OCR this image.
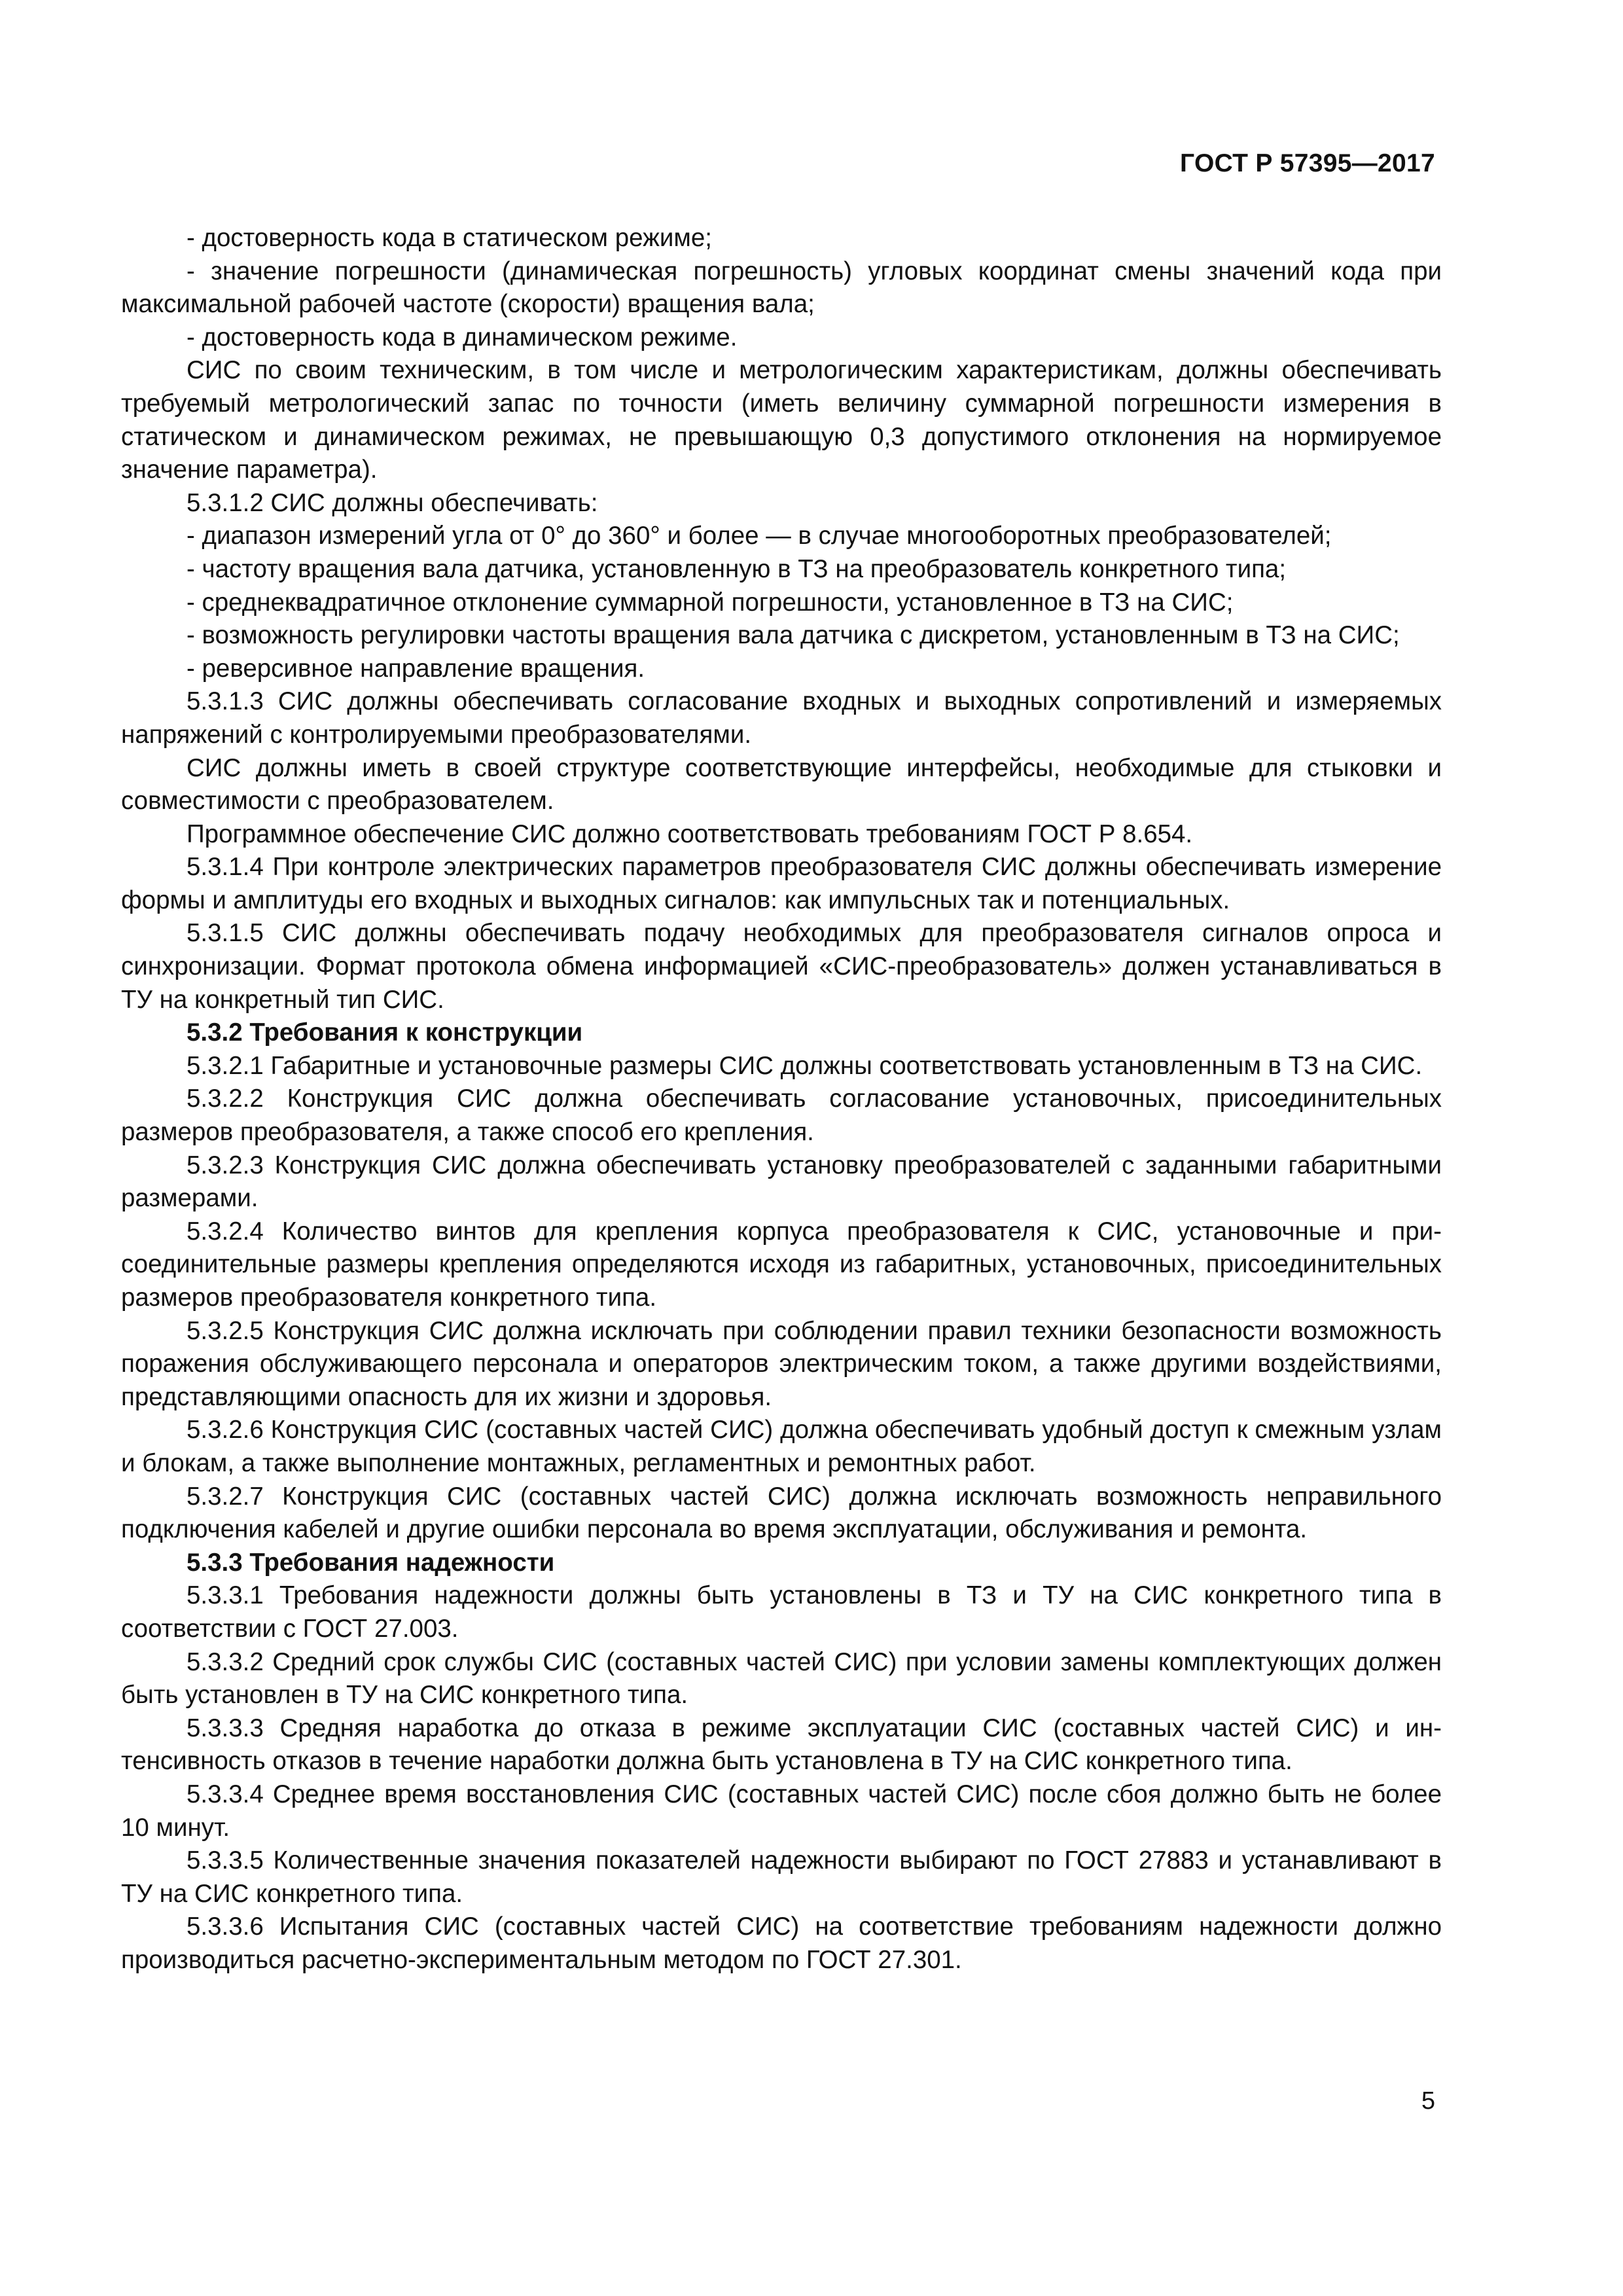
ГОСТ Р 57395—2017

- достоверность кода в статическом режиме;

- значение погрешности (динамическая погрешность) угловых координат смены значений кода при максимальной рабочей частоте (скорости) вращения вала;

- достоверность кода в динамическом режиме.

СИС по своим техническим, в том числе и метрологическим характеристикам, должны обеспечивать требуемый метрологический запас по точности (иметь величину суммарной погрешности измерения в статическом и динамическом режимах, не превышающую 0,3 допустимого отклонения на нормируемое значение параметра).

5.3.1.2 СИС должны обеспечивать:

- диапазон измерений угла от 0° до 360° и более — в случае многооборотных преобразователей;

- частоту вращения вала датчика, установленную в ТЗ на преобразователь конкретного типа;

- среднеквадратичное отклонение суммарной погрешности, установленное в ТЗ на СИС;

- возможность регулировки частоты вращения вала датчика с дискретом, установленным в ТЗ на СИС;

- реверсивное направление вращения.

5.3.1.3 СИС должны обеспечивать согласование входных и выходных сопротивлений и измеряемых напряжений с контролируемыми преобразователями.

СИС должны иметь в своей структуре соответствующие интерфейсы, необходимые для стыковки и совместимости с преобразователем.

Программное обеспечение СИС должно соответствовать требованиям ГОСТ Р 8.654.

5.3.1.4 При контроле электрических параметров преобразователя СИС должны обеспечивать измерение формы и амплитуды его входных и выходных сигналов: как импульсных так и потенциальных.

5.3.1.5 СИС должны обеспечивать подачу необходимых для преобразователя сигналов опроса и синхронизации. Формат протокола обмена информацией «СИС-преобразователь» должен устанавливаться в ТУ на конкретный тип СИС.

5.3.2 Требования к конструкции

5.3.2.1 Габаритные и установочные размеры СИС должны соответствовать установленным в ТЗ на СИС.

5.3.2.2 Конструкция СИС должна обеспечивать согласование установочных, присоединительных размеров преобразователя, а также способ его крепления.

5.3.2.3 Конструкция СИС должна обеспечивать установку преобразователей с заданными габаритными размерами.

5.3.2.4 Количество винтов для крепления корпуса преобразователя к СИС, установочные и присоединительные размеры крепления определяются исходя из габаритных, установочных, присоединительных размеров преобразователя конкретного типа.

5.3.2.5 Конструкция СИС должна исключать при соблюдении правил техники безопасности возможность поражения обслуживающего персонала и операторов электрическим током, а также другими воздействиями, представляющими опасность для их жизни и здоровья.

5.3.2.6 Конструкция СИС (составных частей СИС) должна обеспечивать удобный доступ к смежным узлам и блокам, а также выполнение монтажных, регламентных и ремонтных работ.

5.3.2.7 Конструкция СИС (составных частей СИС) должна исключать возможность неправильного подключения кабелей и другие ошибки персонала во время эксплуатации, обслуживания и ремонта.

5.3.3 Требования надежности

5.3.3.1 Требования надежности должны быть установлены в ТЗ и ТУ на СИС конкретного типа в соответствии с ГОСТ 27.003.

5.3.3.2 Средний срок службы СИС (составных частей СИС) при условии замены комплектующих должен быть установлен в ТУ на СИС конкретного типа.

5.3.3.3 Средняя наработка до отказа в режиме эксплуатации СИС (составных частей СИС) и интенсивность отказов в течение наработки должна быть установлена в ТУ на СИС конкретного типа.

5.3.3.4 Среднее время восстановления СИС (составных частей СИС) после сбоя должно быть не более 10 минут.

5.3.3.5 Количественные значения показателей надежности выбирают по ГОСТ 27883 и устанавливают в ТУ на СИС конкретного типа.

5.3.3.6 Испытания СИС (составных частей СИС) на соответствие требованиям надежности должно производиться расчетно-экспериментальным методом по ГОСТ 27.301.

5
